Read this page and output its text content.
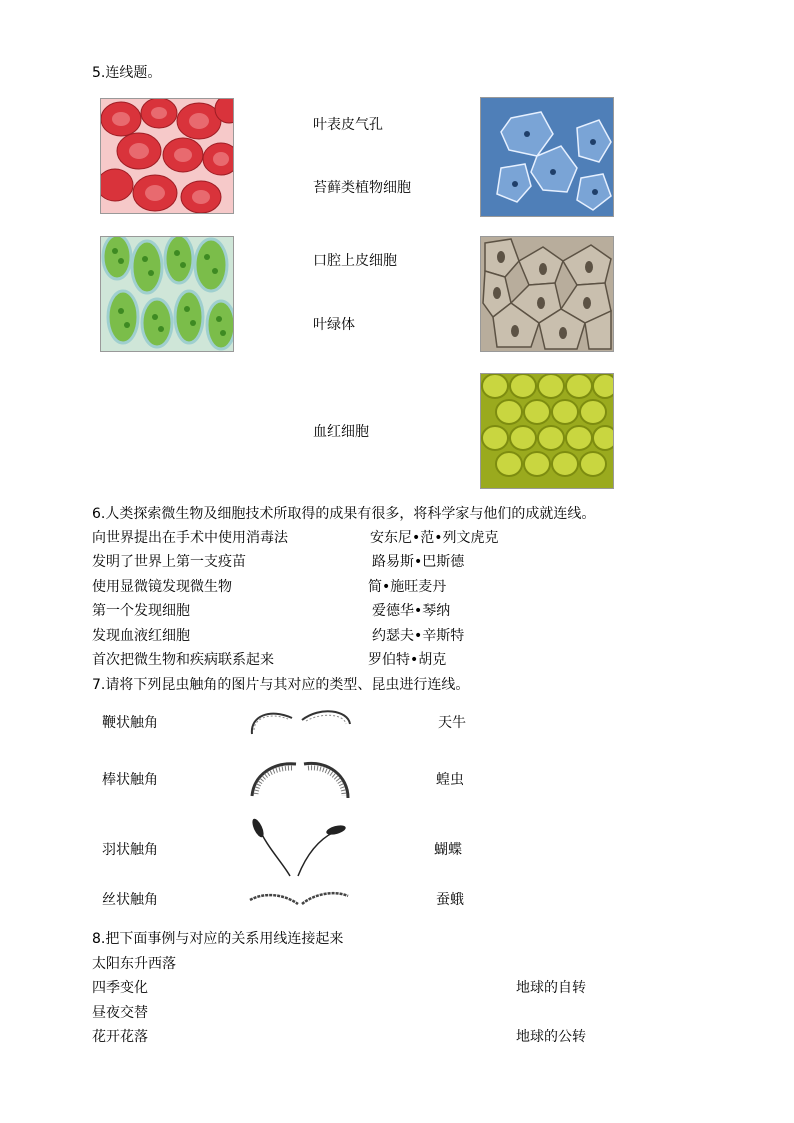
5.连线题。
叶表皮气孔
苔藓类植物细胞
口腔上皮细胞
叶绿体
血红细胞
6.人类探索微生物及细胞技术所取得的成果有很多，将科学家与他们的成就连线。
向世界提出在手术中使用消毒法
发明了世界上第一支疫苗
使用显微镜发现微生物
第一个发现细胞
发现血液红细胞
首次把微生物和疾病联系起来
安东尼•范•列文虎克
路易斯•巴斯德
简•施旺麦丹
爱德华•琴纳
约瑟夫•辛斯特
罗伯特•胡克
7.请将下列昆虫触角的图片与其对应的类型、昆虫进行连线。
鞭状触角
棒状触角
羽状触角
丝状触角
天牛
蝗虫
蝴蝶
蚕蛾
8.把下面事例与对应的关系用线连接起来
太阳东升西落
四季变化
昼夜交替
花开花落
地球的自转
地球的公转
